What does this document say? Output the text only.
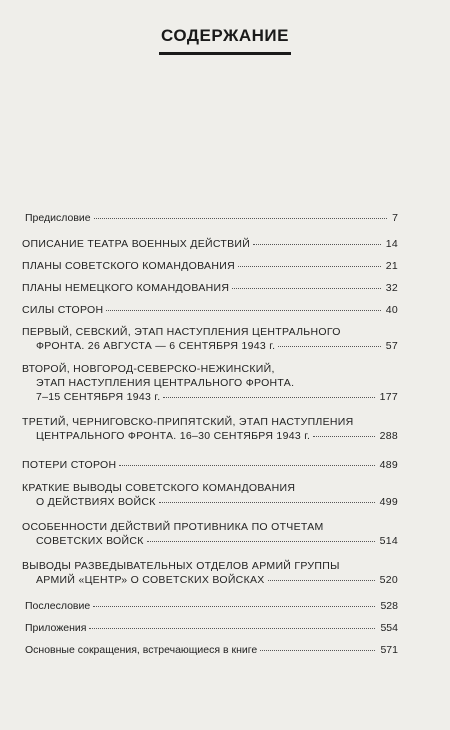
СОДЕРЖАНИЕ
Предисловие	7
ОПИСАНИЕ ТЕАТРА ВОЕННЫХ ДЕЙСТВИЙ	14
ПЛАНЫ СОВЕТСКОГО КОМАНДОВАНИЯ	21
ПЛАНЫ НЕМЕЦКОГО КОМАНДОВАНИЯ	32
СИЛЫ СТОРОН	40
ПЕРВЫЙ, СЕВСКИЙ, ЭТАП НАСТУПЛЕНИЯ ЦЕНТРАЛЬНОГО
ФРОНТА. 26 АВГУСТА — 6 СЕНТЯБРЯ 1943 г.	57
ВТОРОЙ, НОВГОРОД-СЕВЕРСКО-НЕЖИНСКИЙ,
ЭТАП НАСТУПЛЕНИЯ ЦЕНТРАЛЬНОГО ФРОНТА.
7–15 СЕНТЯБРЯ 1943 г.	177
ТРЕТИЙ, ЧЕРНИГОВСКО-ПРИПЯТСКИЙ, ЭТАП НАСТУПЛЕНИЯ
ЦЕНТРАЛЬНОГО ФРОНТА. 16–30 СЕНТЯБРЯ 1943 г.	288
ПОТЕРИ СТОРОН	489
КРАТКИЕ ВЫВОДЫ СОВЕТСКОГО КОМАНДОВАНИЯ
О ДЕЙСТВИЯХ ВОЙСК	499
ОСОБЕННОСТИ ДЕЙСТВИЙ ПРОТИВНИКА ПО ОТЧЕТАМ
СОВЕТСКИХ ВОЙСК	514
ВЫВОДЫ РАЗВЕДЫВАТЕЛЬНЫХ ОТДЕЛОВ АРМИЙ ГРУППЫ
АРМИЙ «ЦЕНТР» О СОВЕТСКИХ ВОЙСКАХ	520
Послесловие	528
Приложения	554
Основные сокращения, встречающиеся в книге	571
